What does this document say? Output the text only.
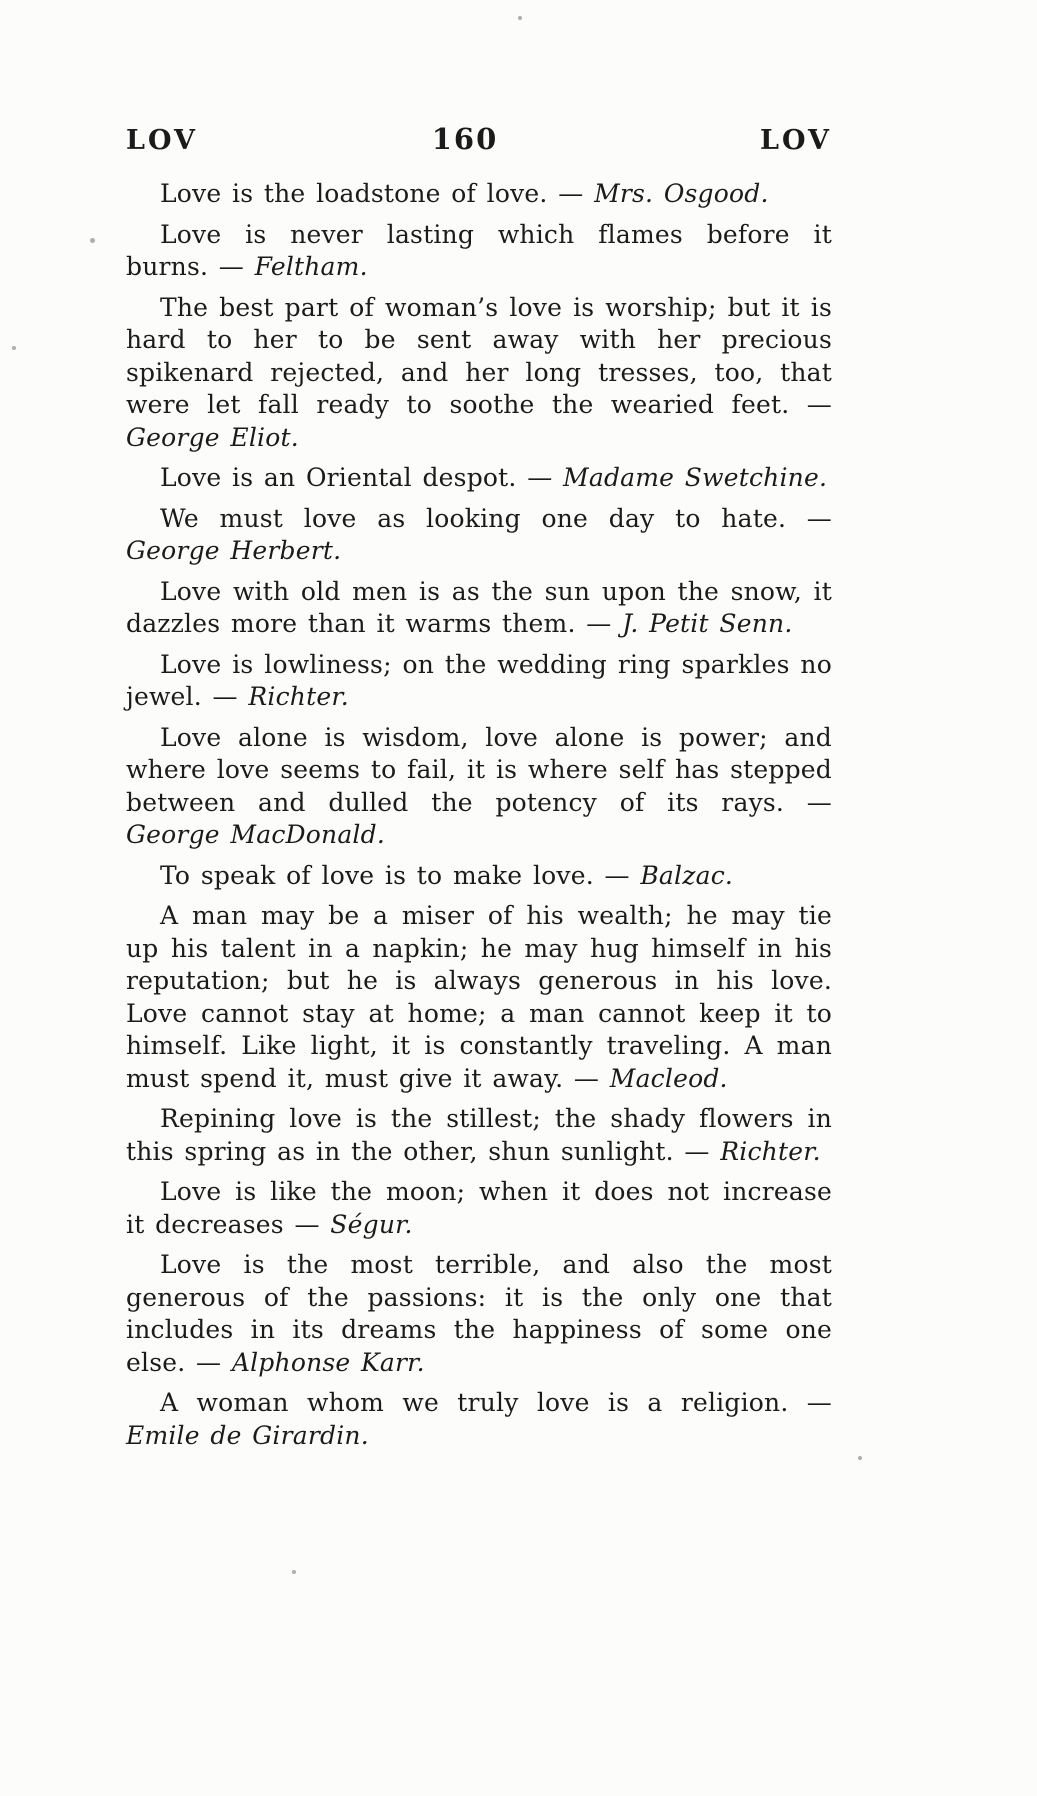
LOV	160	LOV

Love is the loadstone of love. — Mrs. Osgood.

Love is never lasting which flames before it burns. — Feltham.

The best part of woman’s love is worship; but it is hard to her to be sent away with her precious spikenard rejected, and her long tresses, too, that were let fall ready to soothe the wearied feet. — George Eliot.

Love is an Oriental despot. — Madame Swetchine.

We must love as looking one day to hate. — George Herbert.

Love with old men is as the sun upon the snow, it dazzles more than it warms them. — J. Petit Senn.

Love is lowliness; on the wedding ring sparkles no jewel. — Richter.

Love alone is wisdom, love alone is power; and where love seems to fail, it is where self has stepped between and dulled the potency of its rays. — George MacDonald.

To speak of love is to make love. — Balzac.

A man may be a miser of his wealth; he may tie up his talent in a napkin; he may hug himself in his reputation; but he is always generous in his love. Love cannot stay at home; a man cannot keep it to himself. Like light, it is constantly traveling. A man must spend it, must give it away. — Macleod.

Repining love is the stillest; the shady flowers in this spring as in the other, shun sunlight. — Richter.

Love is like the moon; when it does not increase it decreases — Ségur.

Love is the most terrible, and also the most generous of the passions: it is the only one that includes in its dreams the happiness of some one else. — Alphonse Karr.

A woman whom we truly love is a religion. — Emile de Girardin.
